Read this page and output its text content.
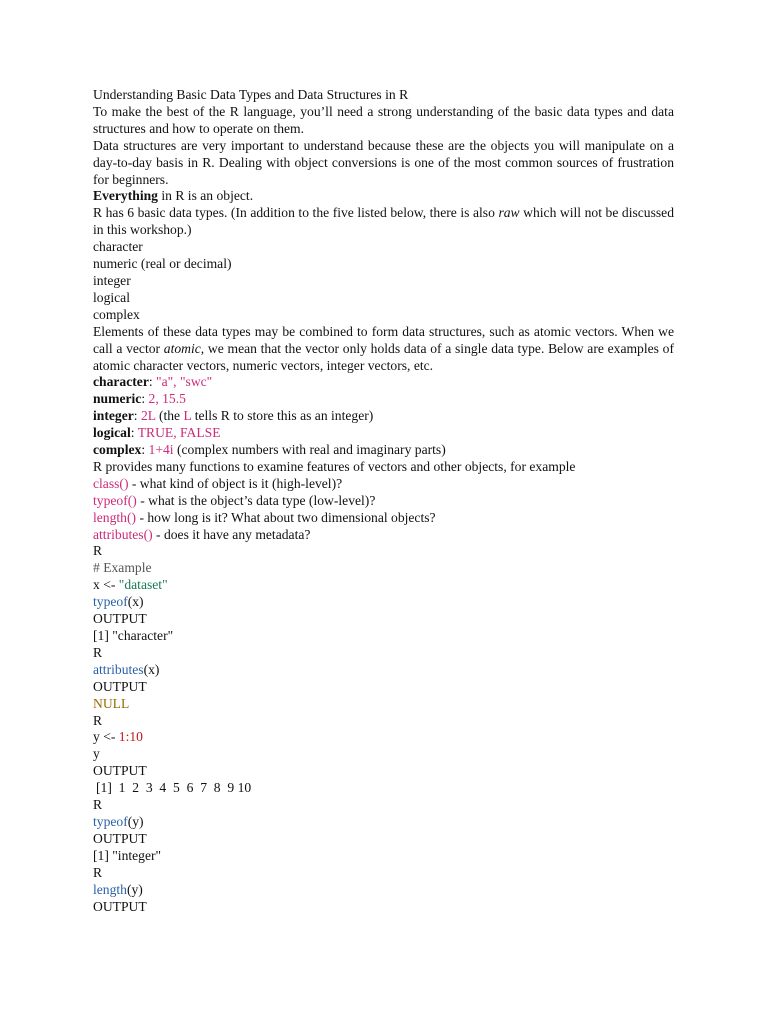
Understanding Basic Data Types and Data Structures in R

To make the best of the R language, you’ll need a strong understanding of the basic data types and data structures and how to operate on them.

Data structures are very important to understand because these are the objects you will manipulate on a day-to-day basis in R. Dealing with object conversions is one of the most common sources of frustration for beginners.

Everything in R is an object.

R has 6 basic data types. (In addition to the five listed below, there is also raw which will not be discussed in this workshop.)

character

numeric (real or decimal)

integer

logical

complex

Elements of these data types may be combined to form data structures, such as atomic vectors. When we call a vector atomic, we mean that the vector only holds data of a single data type. Below are examples of atomic character vectors, numeric vectors, integer vectors, etc.

character: "a", "swc"

numeric: 2, 15.5

integer: 2L (the L tells R to store this as an integer)

logical: TRUE, FALSE

complex: 1+4i (complex numbers with real and imaginary parts)

R provides many functions to examine features of vectors and other objects, for example

class() - what kind of object is it (high-level)?

typeof() - what is the object’s data type (low-level)?

length() - how long is it? What about two dimensional objects?

attributes() - does it have any metadata?

R

# Example

x <- "dataset"

typeof(x)

OUTPUT

[1] "character"

R

attributes(x)

OUTPUT

NULL

R

y <- 1:10

y

OUTPUT

[1]  1  2  3  4  5  6  7  8  9 10

R

typeof(y)

OUTPUT

[1] "integer"

R

length(y)

OUTPUT
